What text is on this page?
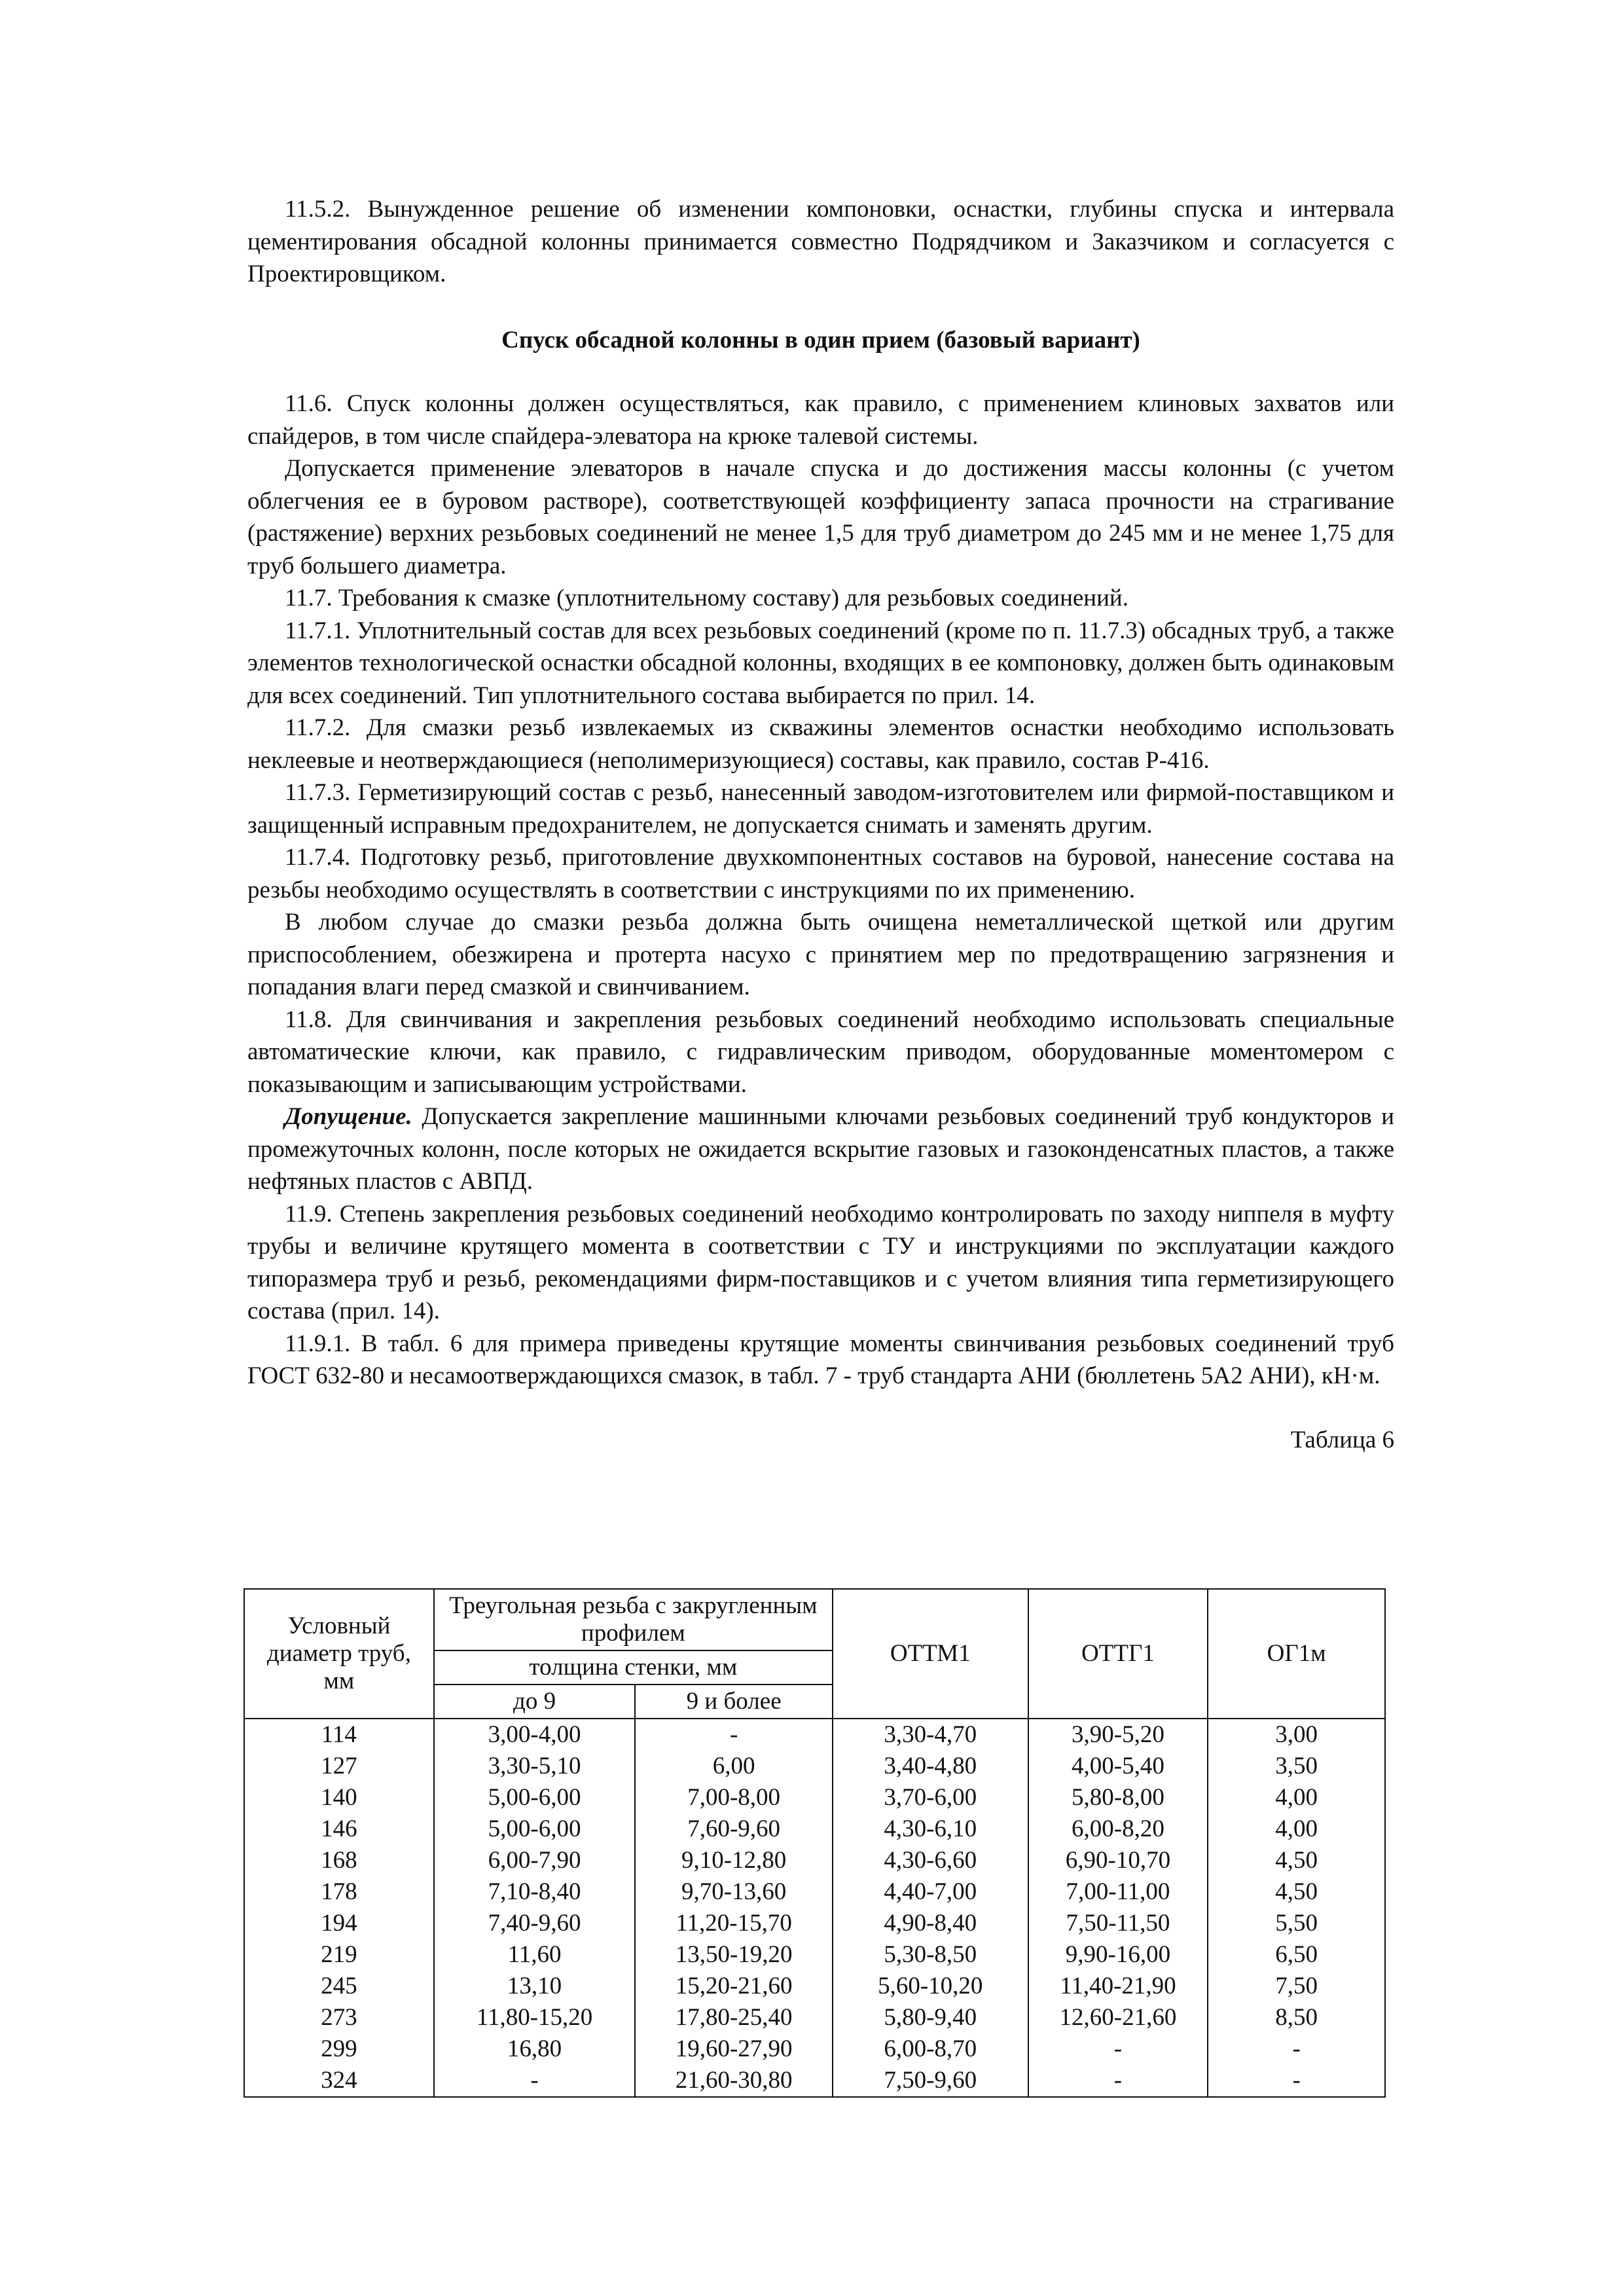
11.5.2. Вынужденное решение об изменении компоновки, оснастки, глубины спуска и интервала цементирования обсадной колонны принимается совместно Подрядчиком и Заказчиком и согласуется с Проектировщиком.

Спуск обсадной колонны в один прием (базовый вариант)

11.6. Спуск колонны должен осуществляться, как правило, с применением клиновых захватов или спайдеров, в том числе спайдера-элеватора на крюке талевой системы.

Допускается применение элеваторов в начале спуска и до достижения массы колонны (с учетом облегчения ее в буровом растворе), соответствующей коэффициенту запаса прочности на страгивание (растяжение) верхних резьбовых соединений не менее 1,5 для труб диаметром до 245 мм и не менее 1,75 для труб большего диаметра.

11.7. Требования к смазке (уплотнительному составу) для резьбовых соединений.

11.7.1. Уплотнительный состав для всех резьбовых соединений (кроме по п. 11.7.3) обсадных труб, а также элементов технологической оснастки обсадной колонны, входящих в ее компоновку, должен быть одинаковым для всех соединений. Тип уплотнительного состава выбирается по прил. 14.

11.7.2. Для смазки резьб извлекаемых из скважины элементов оснастки необходимо использовать неклеевые и неотверждающиеся (неполимеризующиеся) составы, как правило, состав Р-416.

11.7.3. Герметизирующий состав с резьб, нанесенный заводом-изготовителем или фирмой-поставщиком и защищенный исправным предохранителем, не допускается снимать и заменять другим.

11.7.4. Подготовку резьб, приготовление двухкомпонентных составов на буровой, нанесение состава на резьбы необходимо осуществлять в соответствии с инструкциями по их применению.

В любом случае до смазки резьба должна быть очищена неметаллической щеткой или другим приспособлением, обезжирена и протерта насухо с принятием мер по предотвращению загрязнения и попадания влаги перед смазкой и свинчиванием.

11.8. Для свинчивания и закрепления резьбовых соединений необходимо использовать специальные автоматические ключи, как правило, с гидравлическим приводом, оборудованные моментомером с показывающим и записывающим устройствами.

Допущение. Допускается закрепление машинными ключами резьбовых соединений труб кондукторов и промежуточных колонн, после которых не ожидается вскрытие газовых и газоконденсатных пластов, а также нефтяных пластов с АВПД.

11.9. Степень закрепления резьбовых соединений необходимо контролировать по заходу ниппеля в муфту трубы и величине крутящего момента в соответствии с ТУ и инструкциями по эксплуатации каждого типоразмера труб и резьб, рекомендациями фирм-поставщиков и с учетом влияния типа герметизирующего состава (прил. 14).

11.9.1. В табл. 6 для примера приведены крутящие моменты свинчивания резьбовых соединений труб ГОСТ 632-80 и несамоотверждающихся смазок, в табл. 7 - труб стандарта АНИ (бюллетень 5А2 АНИ), кН·м.

Таблица 6
Условный диаметр труб, мм	Треугольная резьба с закругленным профилем		ОТТМ1	ОТТГ1	ОГ1м
	толщина стенки, мм				
	до 9	9 и более			
114	3,00-4,00	-	3,30-4,70	3,90-5,20	3,00
127	3,30-5,10	6,00	3,40-4,80	4,00-5,40	3,50
140	5,00-6,00	7,00-8,00	3,70-6,00	5,80-8,00	4,00
146	5,00-6,00	7,60-9,60	4,30-6,10	6,00-8,20	4,00
168	6,00-7,90	9,10-12,80	4,30-6,60	6,90-10,70	4,50
178	7,10-8,40	9,70-13,60	4,40-7,00	7,00-11,00	4,50
194	7,40-9,60	11,20-15,70	4,90-8,40	7,50-11,50	5,50
219	11,60	13,50-19,20	5,30-8,50	9,90-16,00	6,50
245	13,10	15,20-21,60	5,60-10,20	11,40-21,90	7,50
273	11,80-15,20	17,80-25,40	5,80-9,40	12,60-21,60	8,50
299	16,80	19,60-27,90	6,00-8,70	-	-
324	-	21,60-30,80	7,50-9,60	-	-
